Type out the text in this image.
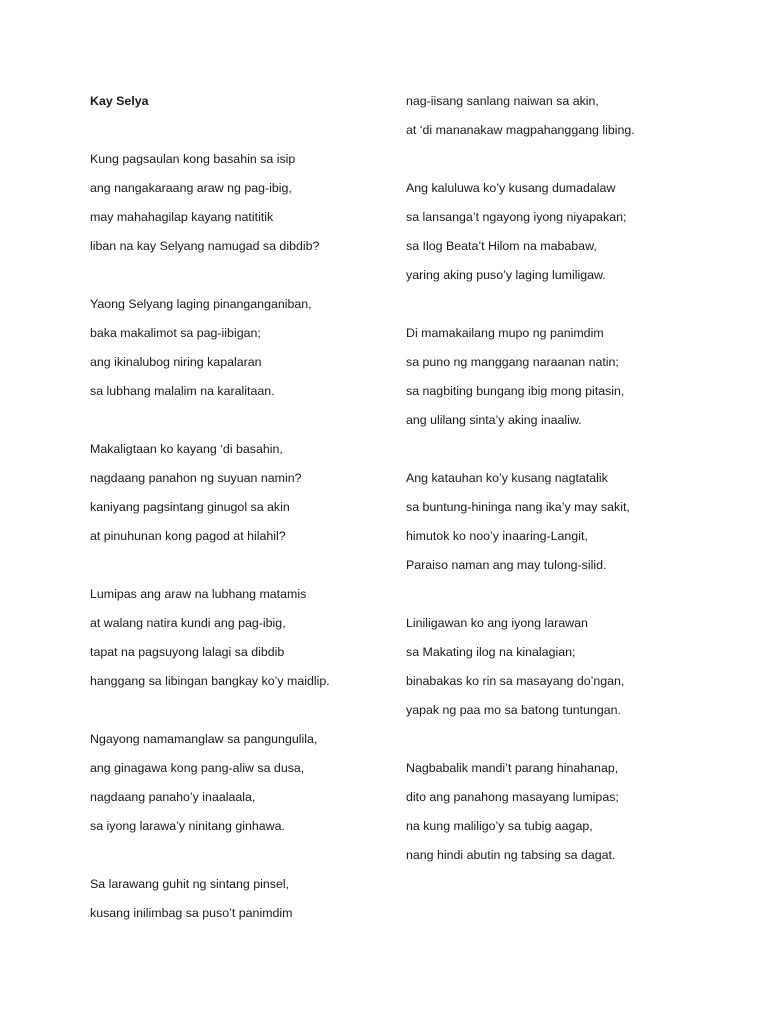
Kay Selya
Kung pagsaulan kong basahin sa isip
ang nangakaraang araw ng pag-ibig,
may mahahagilap kayang natititik
liban na kay Selyang namugad sa dibdib?
Yaong Selyang laging pinanganganiban,
baka makalimot sa pag-iibigan;
ang ikinalubog niring kapalaran
sa lubhang malalim na karalitaan.
Makaligtaan ko kayang ‘di basahin,
nagdaang panahon ng suyuan namin?
kaniyang pagsintang ginugol sa akin
at pinuhunan kong pagod at hilahil?
Lumipas ang araw na lubhang matamis
at walang natira kundi ang pag-ibig,
tapat na pagsuyong lalagi sa dibdib
hanggang sa libingan bangkay ko’y maidlip.
Ngayong namamanglaw sa pangungulila,
ang ginagawa kong pang-aliw sa dusa,
nagdaang panaho’y inaalaala,
sa iyong larawa’y ninitang ginhawa.
Sa larawang guhit ng sintang pinsel,
kusang inilimbag sa puso’t panimdim
nag-iisang sanlang naiwan sa akin,
at ‘di mananakaw magpahanggang libing.
Ang kaluluwa ko’y kusang dumadalaw
sa lansanga’t ngayong iyong niyapakan;
sa Ilog Beata’t Hilom na mababaw,
yaring aking puso’y laging lumiligaw.
Di mamakailang mupo ng panimdim
sa puno ng manggang naraanan natin;
sa nagbiting bungang ibig mong pitasin,
ang ulilang sinta’y aking inaaliw.
Ang katauhan ko’y kusang nagtatalik
sa buntung-hininga nang ika’y may sakit,
himutok ko noo’y inaaring-Langit,
Paraiso naman ang may tulong-silid.
Liniligawan ko ang iyong larawan
sa Makating ilog na kinalagian;
binabakas ko rin sa masayang do’ngan,
yapak ng paa mo sa batong tuntungan.
Nagbabalik mandi’t parang hinahanap,
dito ang panahong masayang lumipas;
na kung maliligo’y sa tubig aagap,
nang hindi abutin ng tabsing sa dagat.
